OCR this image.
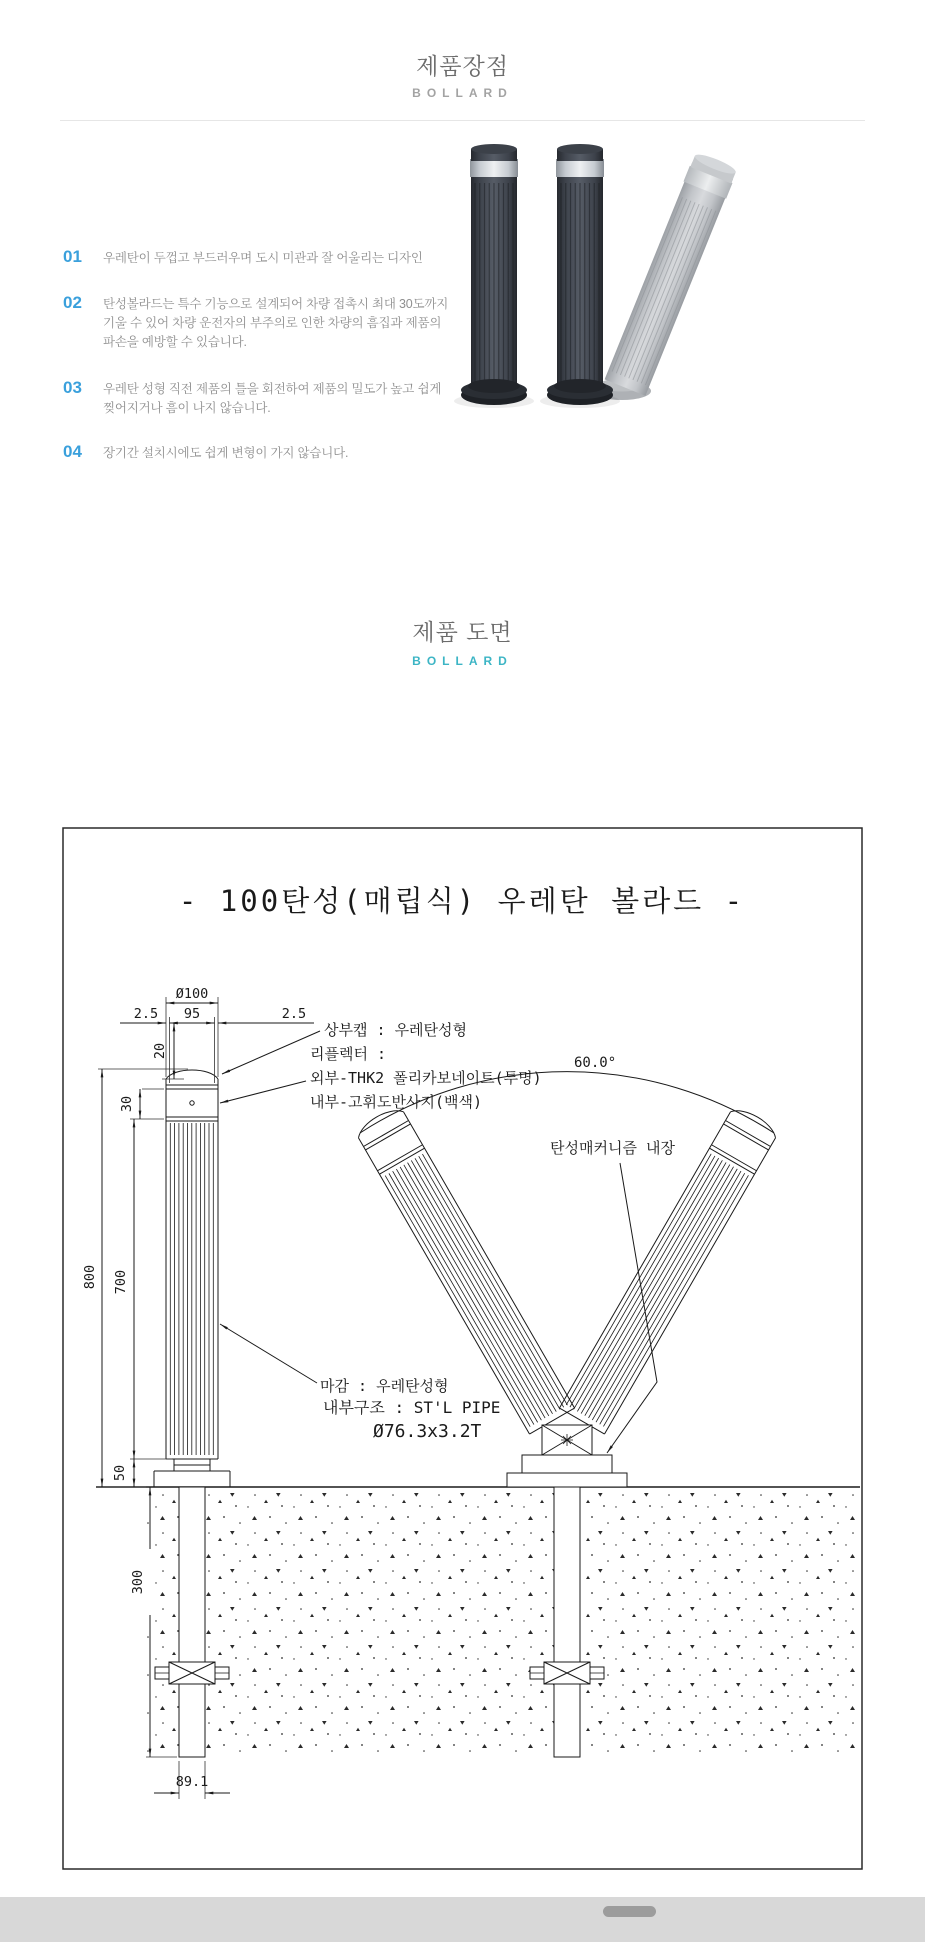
제품장점
BOLLARD
01	우레탄이 두껍고 부드러우며 도시 미관과 잘 어울리는 디자인
02	탄성볼라드는 특수 기능으로 설계되어 차량 접촉시 최대 30도까지 기울 수 있어 차량 운전자의 부주의로 인한 차량의 흠집과 제품의 파손을 예방할 수 있습니다.
03	우레탄 성형 직전 제품의 틀을 회전하여 제품의 밀도가 높고 쉽게 찢어지거나 흠이 나지 않습니다.
04	장기간 설치시에도 쉽게 변형이 가지 않습니다.
제품 도면
BOLLARD
- 100탄성(매립식) 우레탄 볼라드 -
Ø100
95
2.5	2.5
20
30
800 700
50
300
89.1
상부캡 : 우레탄성형
리플렉터 :
외부-THK2 폴리카보네이트(투명)
내부-고휘도반사지(백색)
마감 : 우레탄성형
내부구조 : ST'L PIPE
Ø76.3x3.2T
탄성매커니즘 내장
60.0°
